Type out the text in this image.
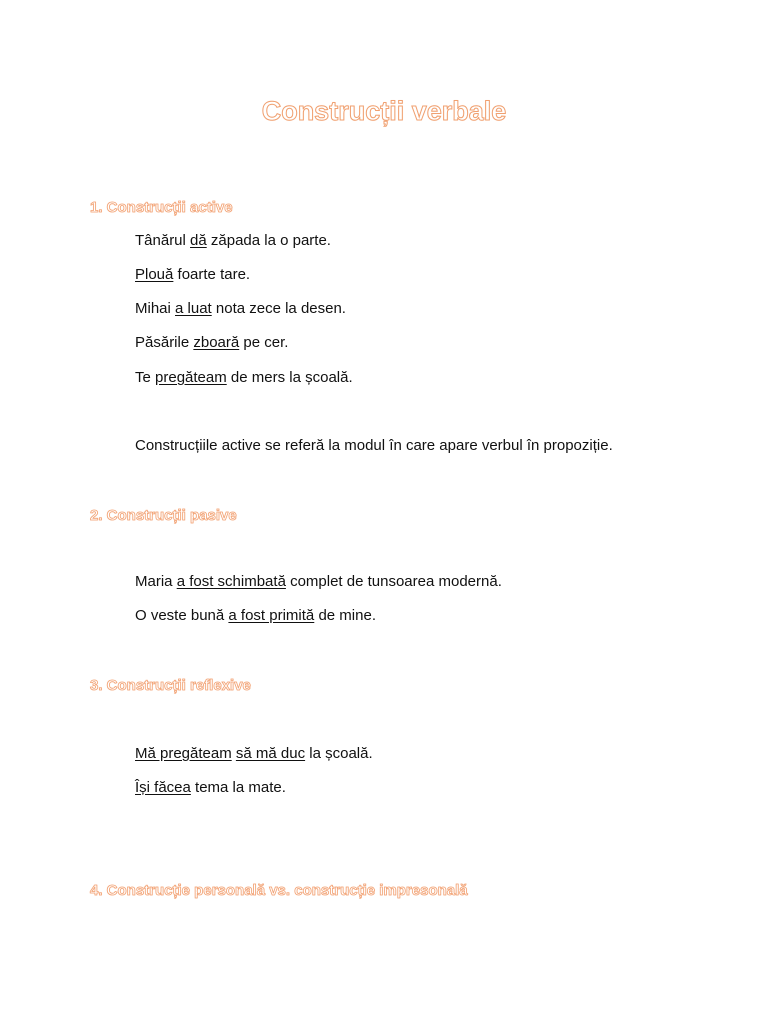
Construcții verbale
1. Construcții active
Tânărul dă zăpada la o parte.
Plouă foarte tare.
Mihai a luat nota zece la desen.
Păsările zboară pe cer.
Te pregăteam de mers la școală.
Construcțiile active se referă la modul în care apare verbul în propoziție.
2. Construcții pasive
Maria a fost schimbată complet de tunsoarea modernă.
O veste bună a fost primită de mine.
3. Construcții reflexive
Mă pregăteam să mă duc la școală.
Își făcea tema la mate.
4. Construcție personală vs. construcție impresonală
